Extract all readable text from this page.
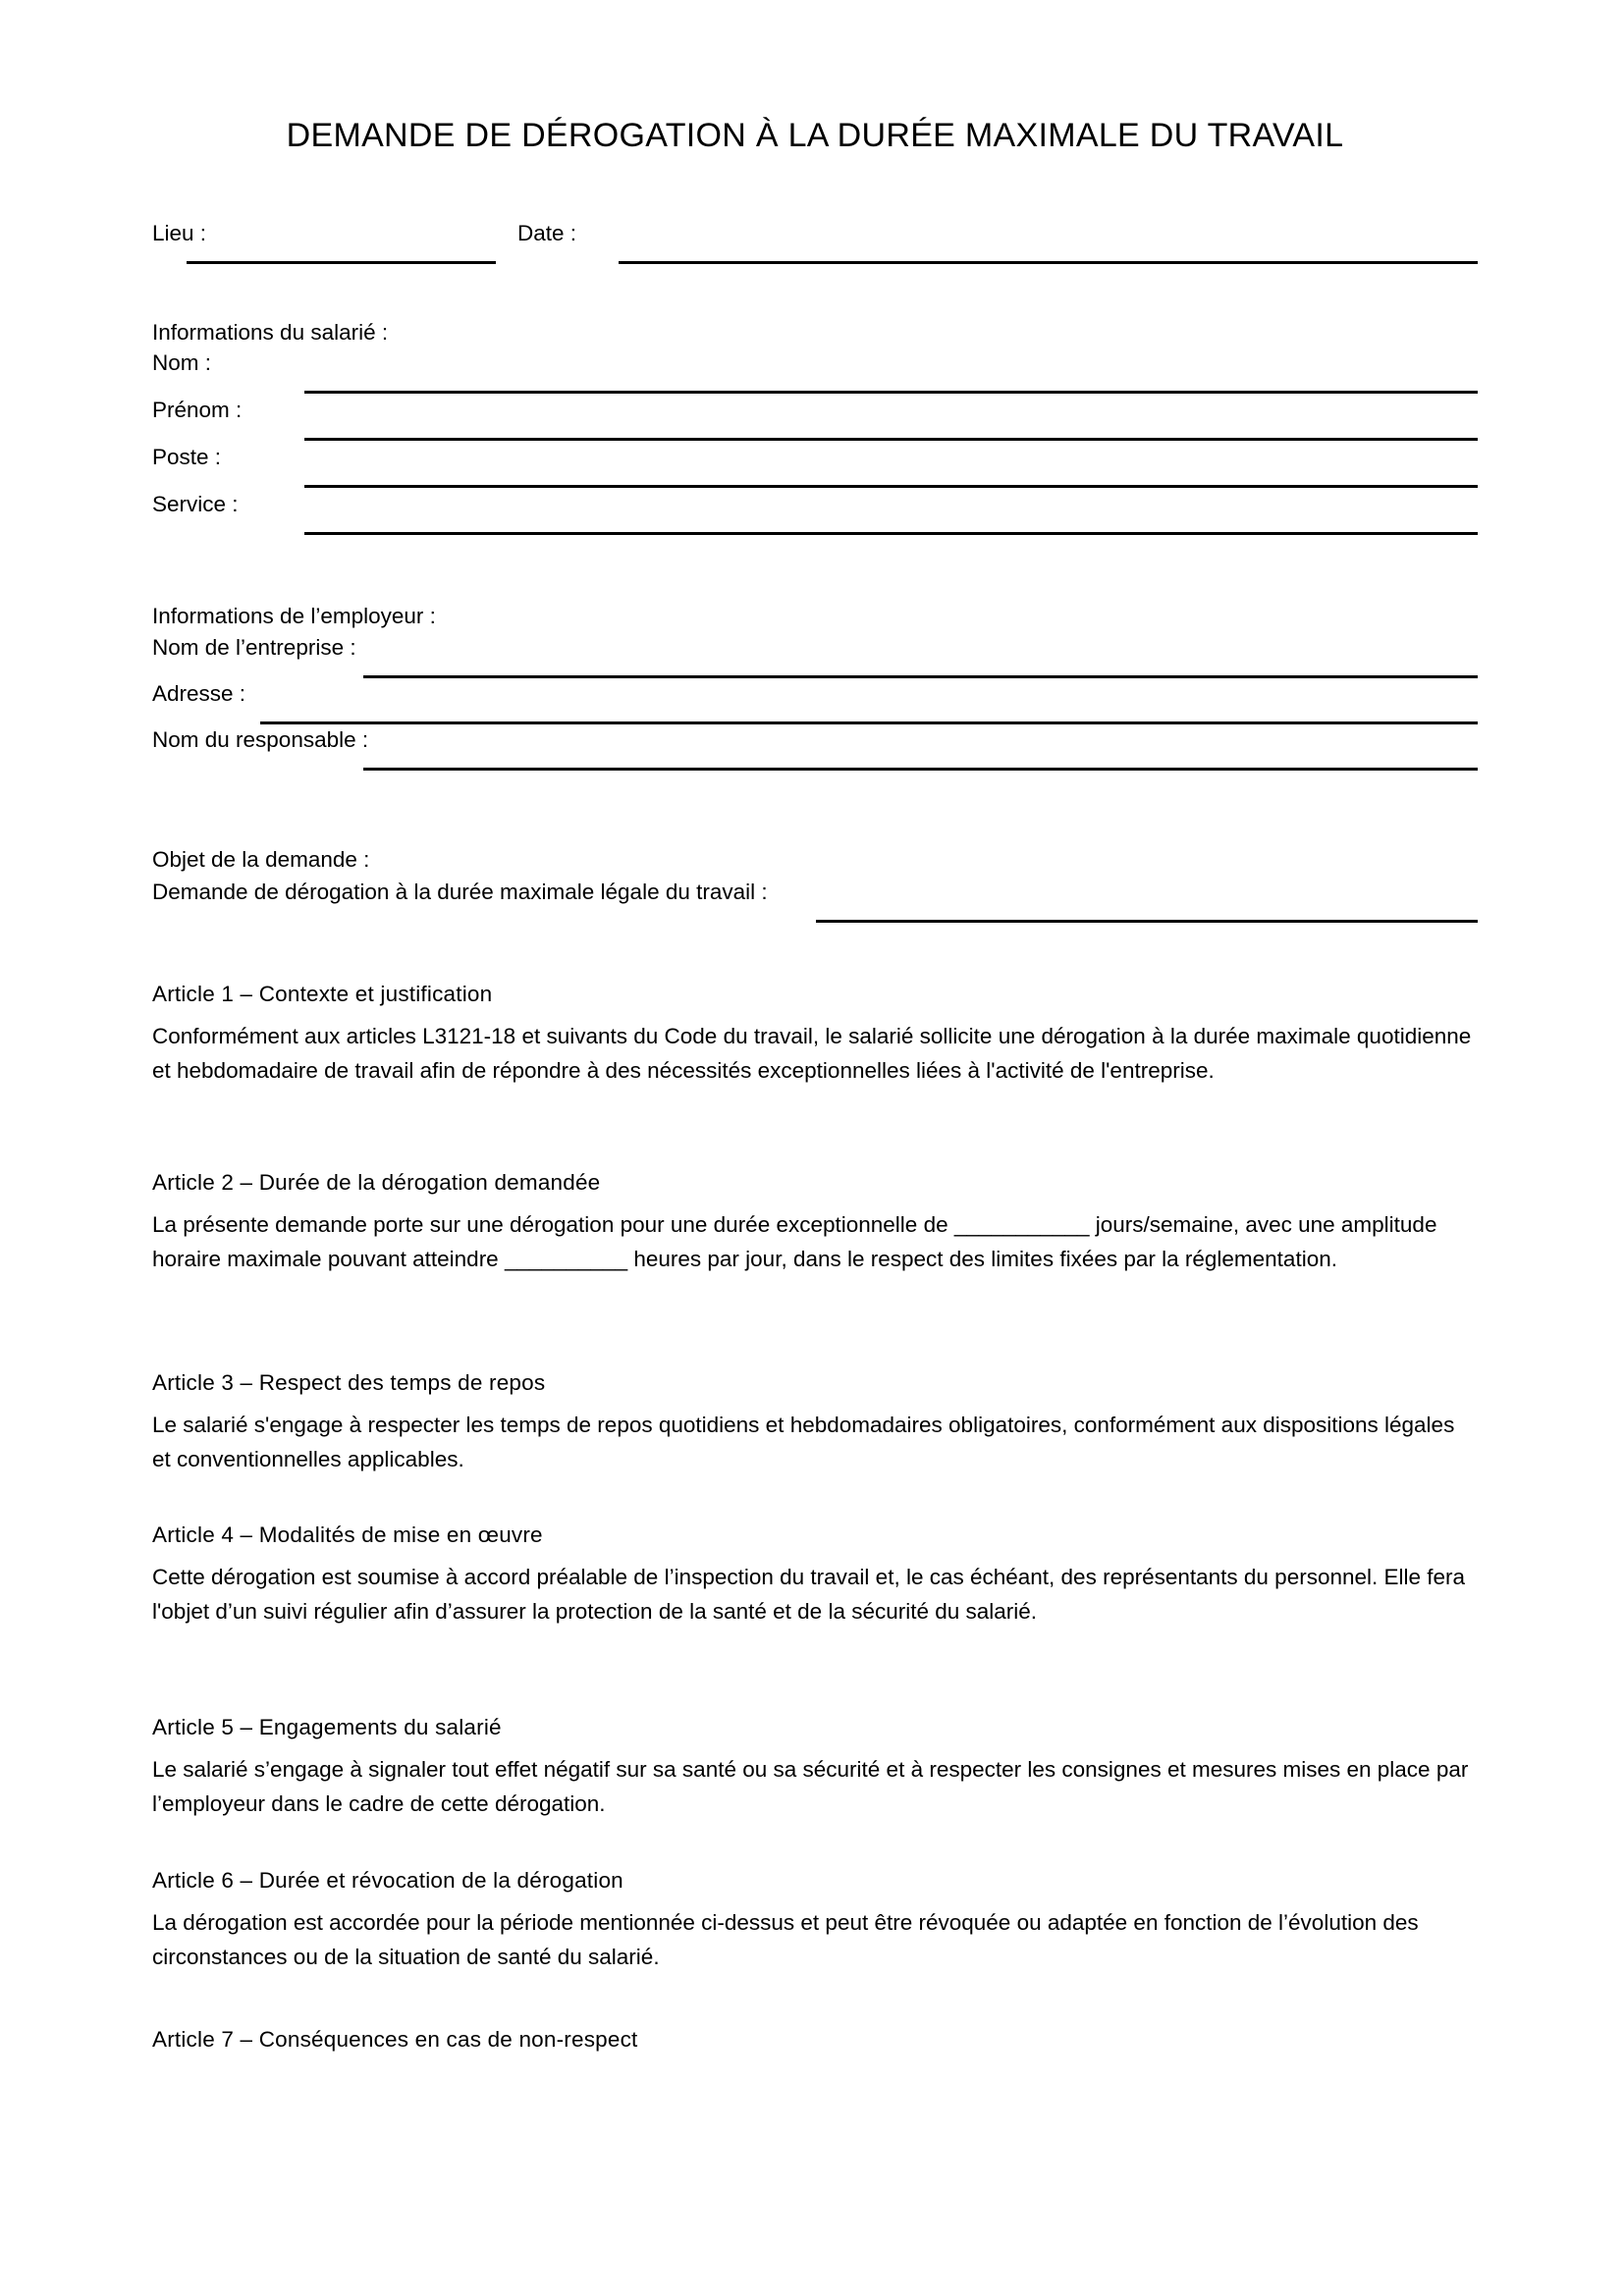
DEMANDE DE DÉROGATION À LA DURÉE MAXIMALE DU TRAVAIL
Lieu :	Date :
Informations du salarié :
Nom :
Prénom :
Poste :
Service :
Informations de l’employeur :
Nom de l’entreprise :
Adresse :
Nom du responsable :
Objet de la demande :
Demande de dérogation à la durée maximale légale du travail :
Article 1 – Contexte et justification
Conformément aux articles L3121-18 et suivants du Code du travail, le salarié sollicite une dérogation à la durée maximale quotidienne et hebdomadaire de travail afin de répondre à des nécessités exceptionnelles liées à l'activité de l'entreprise.
Article 2 – Durée de la dérogation demandée
La présente demande porte sur une dérogation pour une durée exceptionnelle de ___________ jours/semaine, avec une amplitude horaire maximale pouvant atteindre __________ heures par jour, dans le respect des limites fixées par la réglementation.
Article 3 – Respect des temps de repos
Le salarié s'engage à respecter les temps de repos quotidiens et hebdomadaires obligatoires, conformément aux dispositions légales et conventionnelles applicables.
Article 4 – Modalités de mise en œuvre
Cette dérogation est soumise à accord préalable de l’inspection du travail et, le cas échéant, des représentants du personnel. Elle fera l'objet d’un suivi régulier afin d’assurer la protection de la santé et de la sécurité du salarié.
Article 5 – Engagements du salarié
Le salarié s’engage à signaler tout effet négatif sur sa santé ou sa sécurité et à respecter les consignes et mesures mises en place par l’employeur dans le cadre de cette dérogation.
Article 6 – Durée et révocation de la dérogation
La dérogation est accordée pour la période mentionnée ci-dessus et peut être révoquée ou adaptée en fonction de l’évolution des circonstances ou de la situation de santé du salarié.
Article 7 – Conséquences en cas de non-respect
